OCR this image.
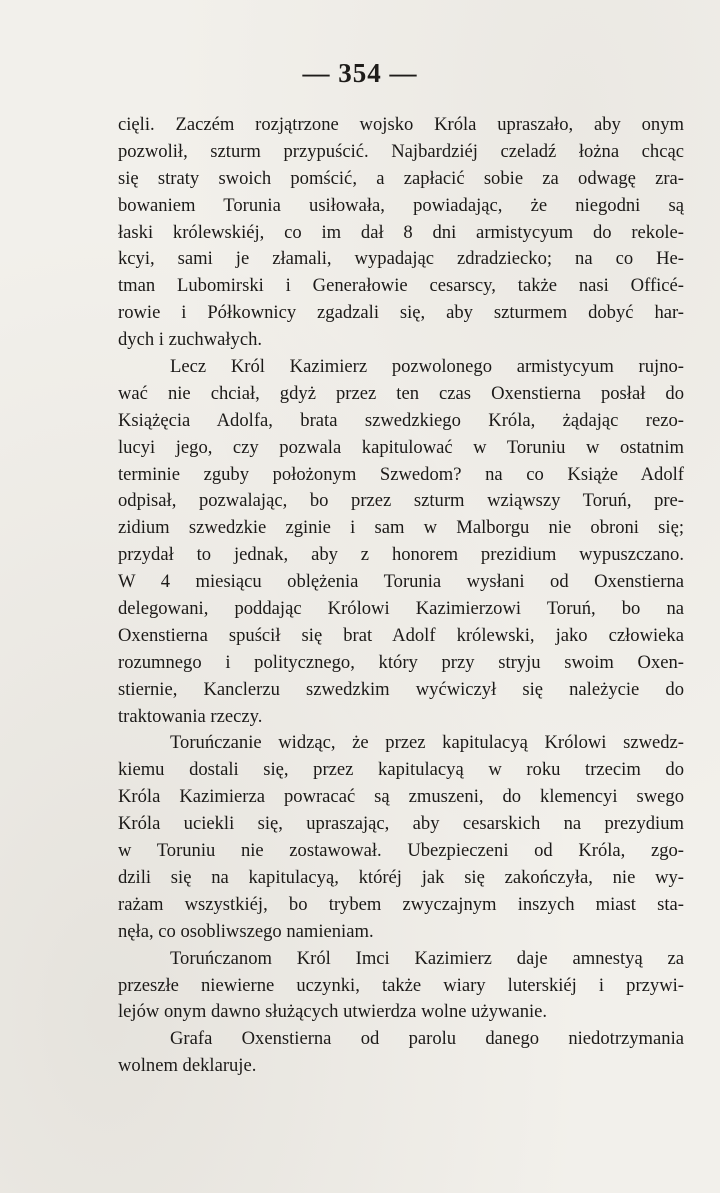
— 354 —
cięli. Zaczém rozjątrzone wojsko Króla upraszało, aby onym
pozwolił, szturm przypuścić. Najbardziéj czeladź łożna chcąc
się straty swoich pomścić, a zapłacić sobie za odwagę zra-
bowaniem Torunia usiłowała, powiadając, że niegodni są
łaski królewskiéj, co im dał 8 dni armistycyum do rekole-
kcyi, sami je złamali, wypadając zdradziecko; na co He-
tman Lubomirski i Generałowie cesarscy, także nasi Officé-
rowie i Półkownicy zgadzali się, aby szturmem dobyć har-
dych i zuchwałych.
Lecz Król Kazimierz pozwolonego armistycyum rujno-
wać nie chciał, gdyż przez ten czas Oxenstierna posłał do
Książęcia Adolfa, brata szwedzkiego Króla, żądając rezo-
lucyi jego, czy pozwala kapitulować w Toruniu w ostatnim
terminie zguby położonym Szwedom? na co Książe Adolf
odpisał, pozwalając, bo przez szturm wziąwszy Toruń, pre-
zidium szwedzkie zginie i sam w Malborgu nie obroni się;
przydał to jednak, aby z honorem prezidium wypuszczano.
W 4 miesiącu oblężenia Torunia wysłani od Oxenstierna
delegowani, poddając Królowi Kazimierzowi Toruń, bo na
Oxenstierna spuścił się brat Adolf królewski, jako człowieka
rozumnego i politycznego, który przy stryju swoim Oxen-
stiernie, Kanclerzu szwedzkim wyćwiczył się należycie do
traktowania rzeczy.
Toruńczanie widząc, że przez kapitulacyą Królowi szwedz-
kiemu dostali się, przez kapitulacyą w roku trzecim do
Króla Kazimierza powracać są zmuszeni, do klemencyi swego
Króla uciekli się, upraszając, aby cesarskich na prezydium
w Toruniu nie zostawował. Ubezpieczeni od Króla, zgo-
dzili się na kapitulacyą, któréj jak się zakończyła, nie wy-
rażam wszystkiéj, bo trybem zwyczajnym inszych miast sta-
nęła, co osobliwszego namieniam.
Toruńczanom Król Imci Kazimierz daje amnestyą za
przeszłe niewierne uczynki, także wiary luterskiéj i przywi-
lejów onym dawno służących utwierdza wolne używanie.
Grafa Oxenstierna od parolu danego niedotrzymania
wolnem deklaruje.
